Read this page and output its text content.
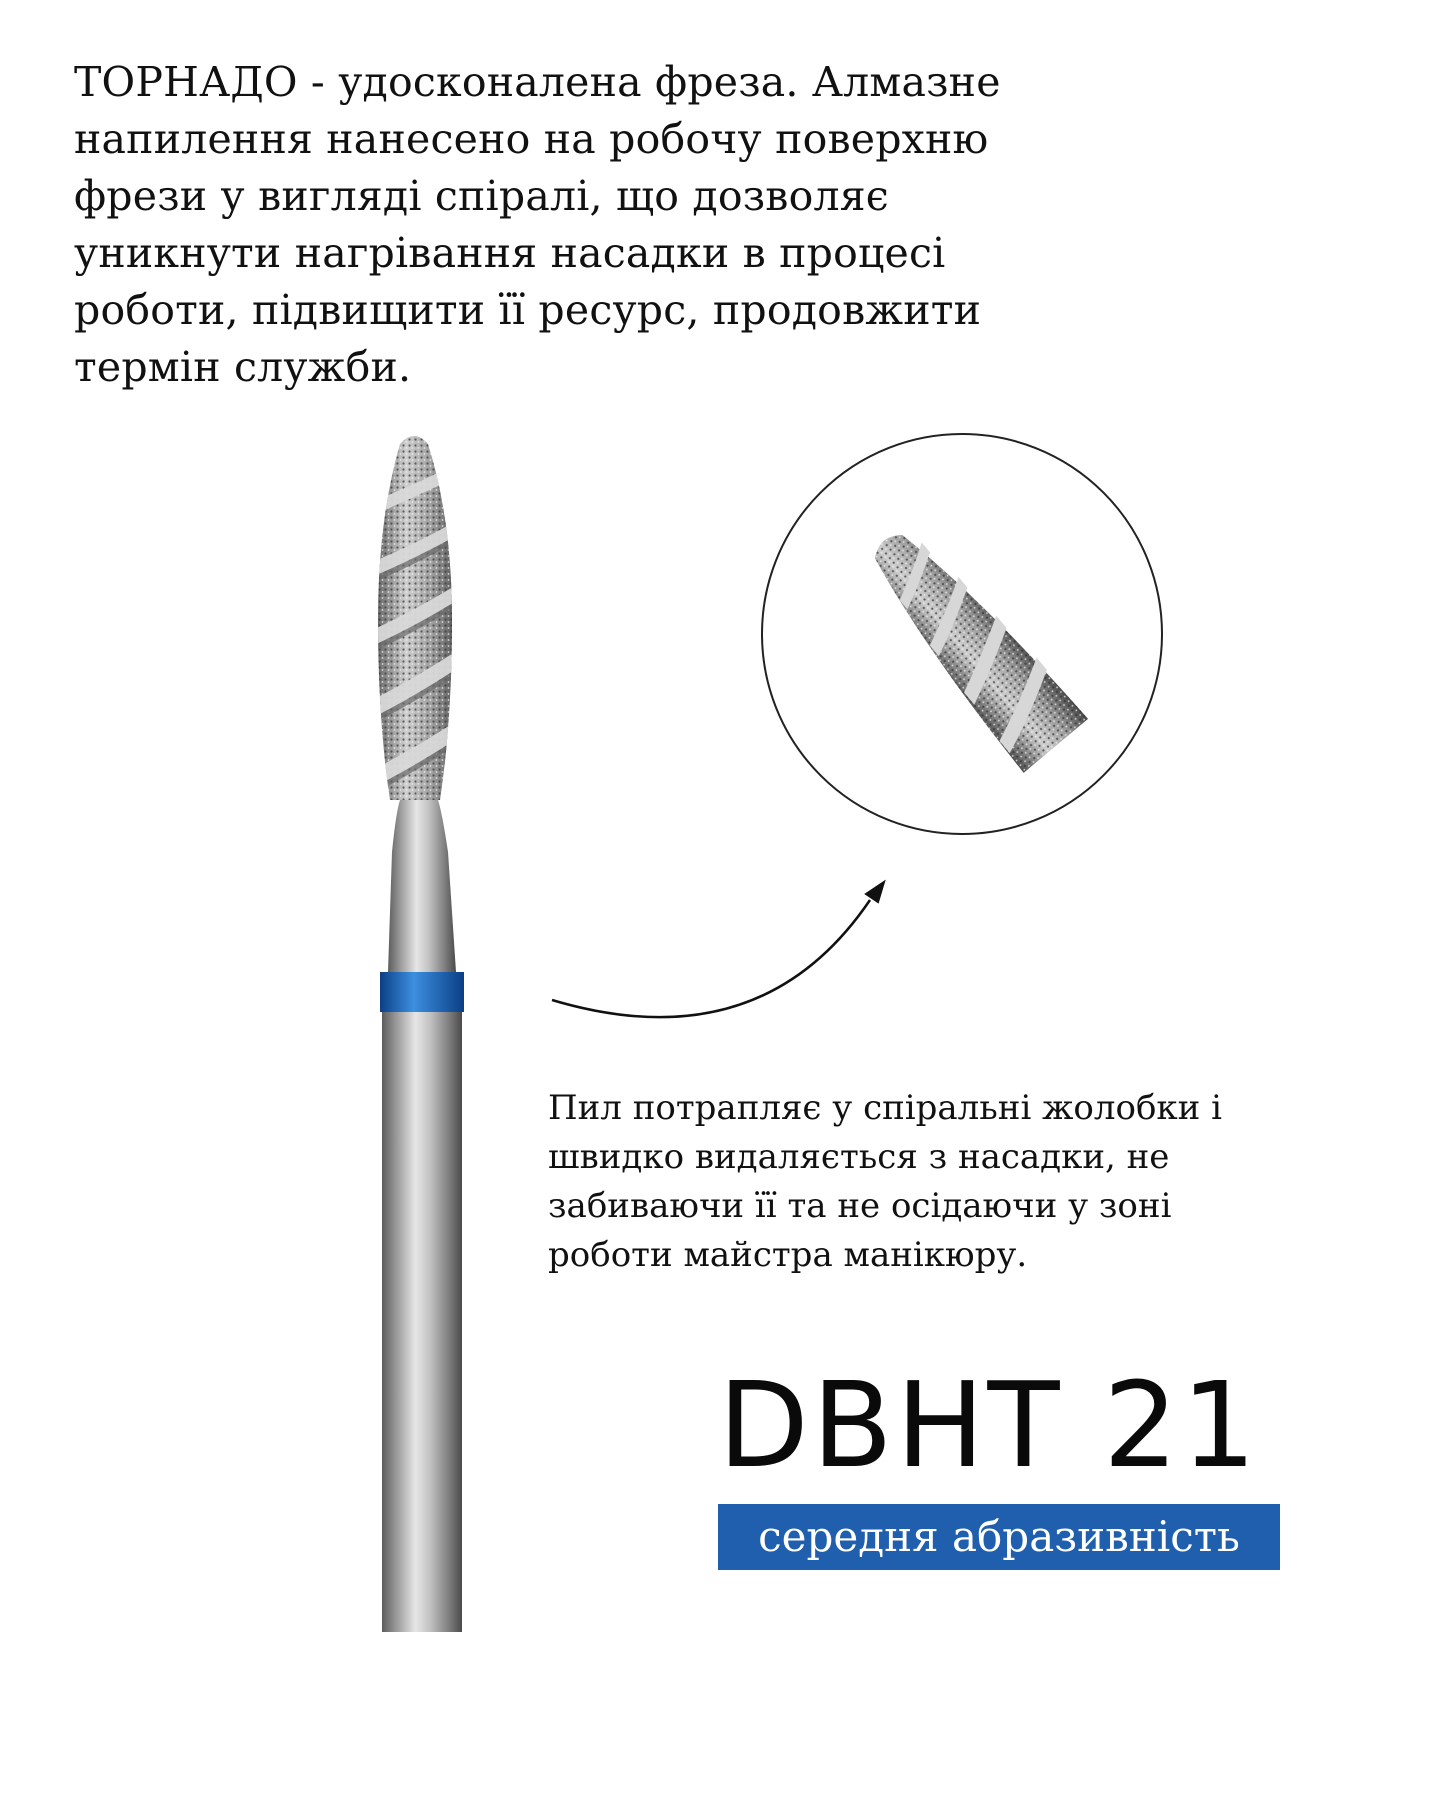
ТОРНАДО - удосконалена фреза. Алмазне
напилення нанесено на робочу поверхню
фрези у вигляді спіралі, що дозволяє
уникнути нагрівання насадки в процесі
роботи, підвищити її ресурс, продовжити
термін служби.

Пил потрапляє у спіральні жолобки і
швидко видаляється з насадки, не
забиваючи її та не осідаючи у зоні
роботи майстра манікюру.

DBHT 21
середня абразивність
